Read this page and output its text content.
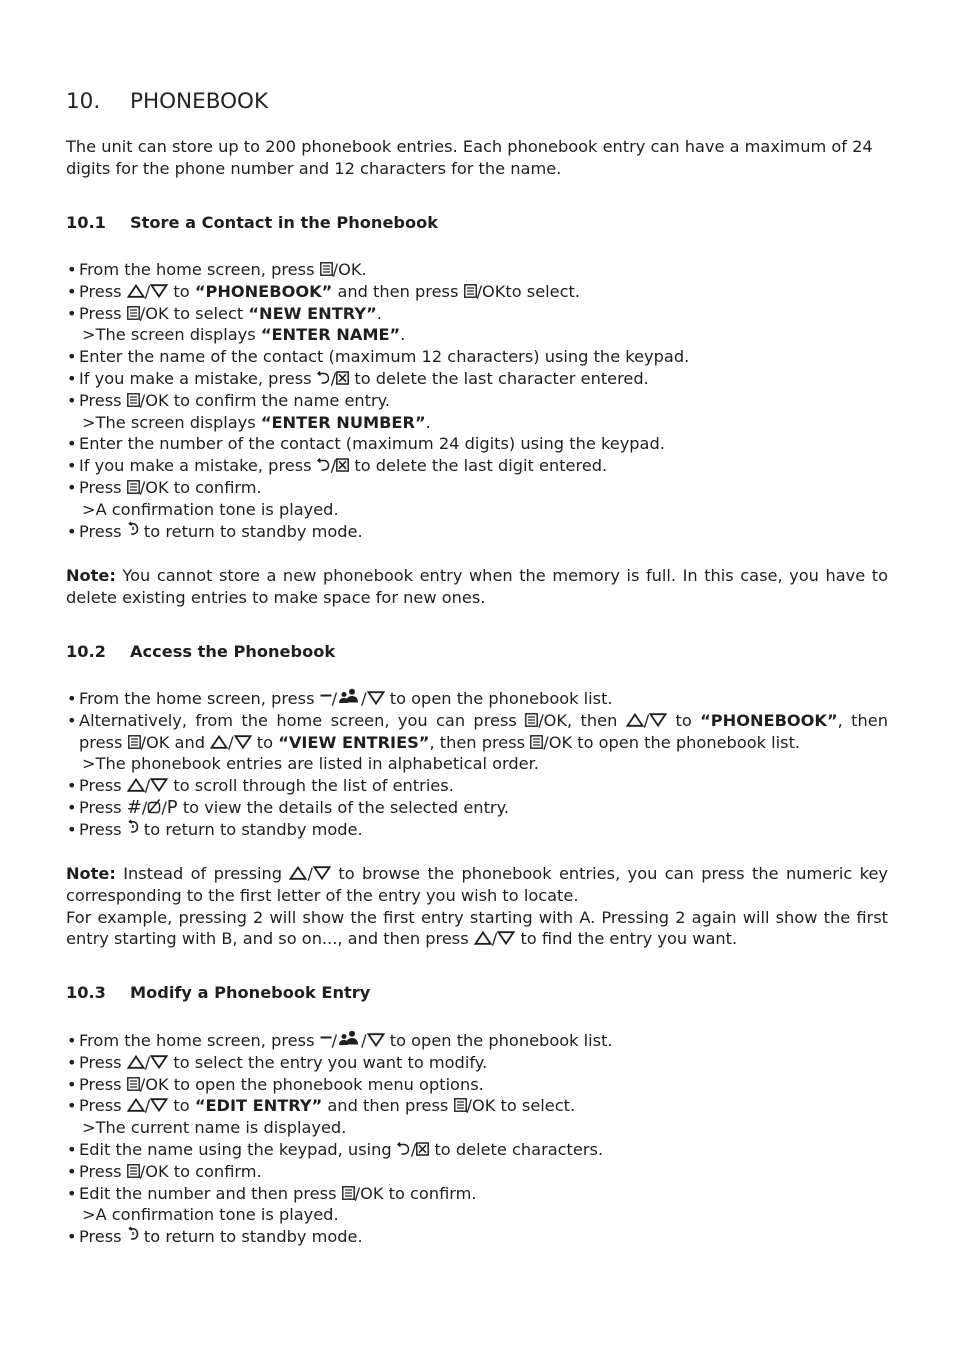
10. PHONEBOOK

The unit can store up to 200 phonebook entries. Each phonebook entry can have a maximum of 24 digits for the phone number and 12 characters for the name.

10.1 Store a Contact in the Phonebook
• From the home screen, press /OK.
• Press / to “PHONEBOOK” and then press /OKto select.
• Press /OK to select “NEW ENTRY”.
>The screen displays “ENTER NAME”.
• Enter the name of the contact (maximum 12 characters) using the keypad.
• If you make a mistake, press / to delete the last character entered.
• Press /OK to confirm the name entry.
>The screen displays “ENTER NUMBER”.
• Enter the number of the contact (maximum 24 digits) using the keypad.
• If you make a mistake, press / to delete the last digit entered.
• Press /OK to confirm.
>A confirmation tone is played.
• Press to return to standby mode.

Note: You cannot store a new phonebook entry when the memory is full. In this case, you have to delete existing entries to make space for new ones.

10.2 Access the Phonebook
• From the home screen, press / / to open the phonebook list.
• Alternatively, from the home screen, you can press /OK, then / to “PHONEBOOK”, then press /OK and / to “VIEW ENTRIES”, then press /OK to open the phonebook list.
>The phonebook entries are listed in alphabetical order.
• Press / to scroll through the list of entries.
• Press #/ /P to view the details of the selected entry.
• Press to return to standby mode.

Note: Instead of pressing / to browse the phonebook entries, you can press the numeric key corresponding to the first letter of the entry you wish to locate.

For example, pressing 2 will show the first entry starting with A. Pressing 2 again will show the first entry starting with B, and so on..., and then press / to find the entry you want.

10.3 Modify a Phonebook Entry
• From the home screen, press / / to open the phonebook list.
• Press / to select the entry you want to modify.
• Press /OK to open the phonebook menu options.
• Press / to “EDIT ENTRY” and then press /OK to select.
>The current name is displayed.
• Edit the name using the keypad, using / to delete characters.
• Press /OK to confirm.
• Edit the number and then press /OK to confirm.
>A confirmation tone is played.
• Press to return to standby mode.
